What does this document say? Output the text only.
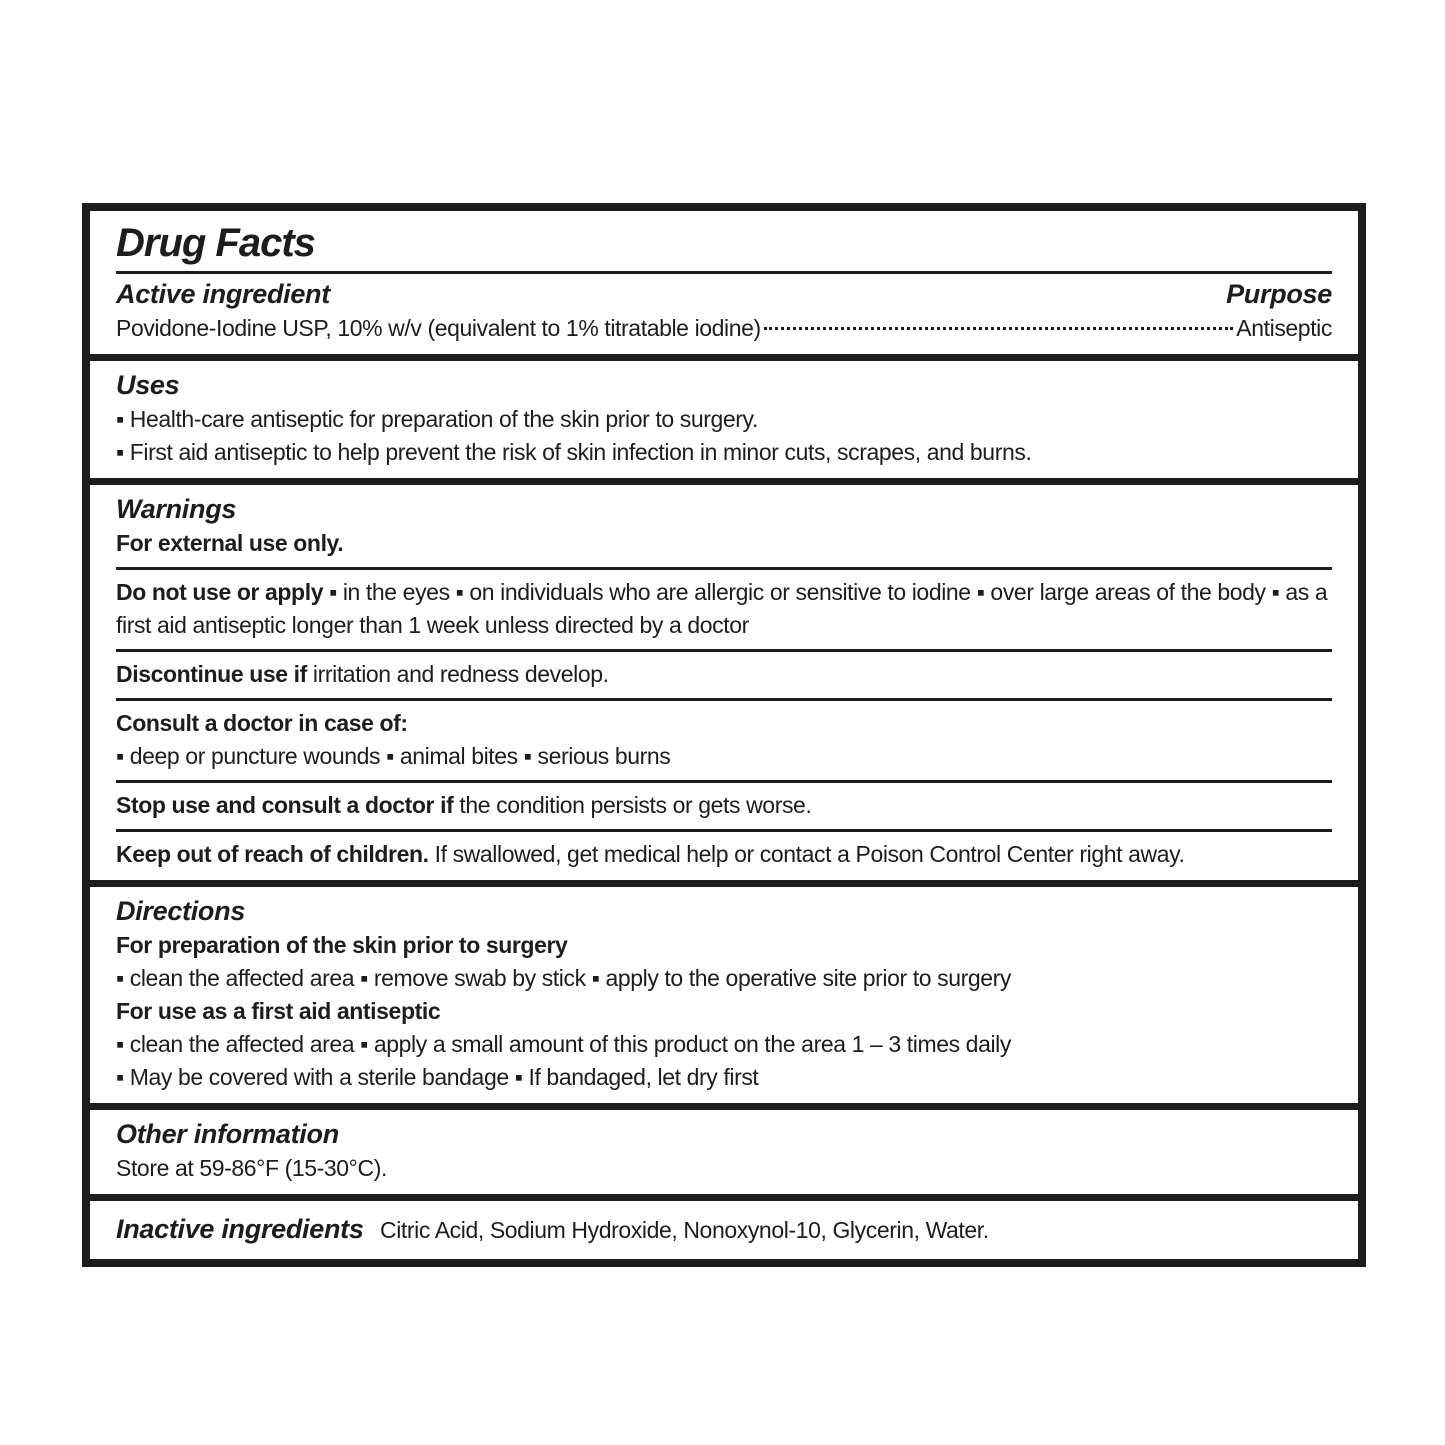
Drug Facts
Active ingredient	Purpose
Povidone-Iodine USP, 10% w/v (equivalent to 1% titratable iodine)	Antiseptic
Uses

▪ Health-care antiseptic for preparation of the skin prior to surgery.

▪ First aid antiseptic to help prevent the risk of skin infection in minor cuts, scrapes, and burns.

Warnings
For external use only.

Do not use or apply ▪ in the eyes ▪ on individuals who are allergic or sensitive to iodine ▪ over large areas of the body ▪ as a first aid antiseptic longer than 1 week unless directed by a doctor

Discontinue use if irritation and redness develop.

Consult a doctor in case of:

▪ deep or puncture wounds ▪ animal bites ▪ serious burns

Stop use and consult a doctor if the condition persists or gets worse.

Keep out of reach of children. If swallowed, get medical help or contact a Poison Control Center right away.

Directions
For preparation of the skin prior to surgery

▪ clean the affected area ▪ remove swab by stick ▪ apply to the operative site prior to surgery

For use as a first aid antiseptic

▪ clean the affected area ▪ apply a small amount of this product on the area 1 – 3 times daily

▪ May be covered with a sterile bandage ▪ If bandaged, let dry first

Other information

Store at 59-86°F (15-30°C).

Inactive ingredients Citric Acid, Sodium Hydroxide, Nonoxynol-10, Glycerin, Water.
